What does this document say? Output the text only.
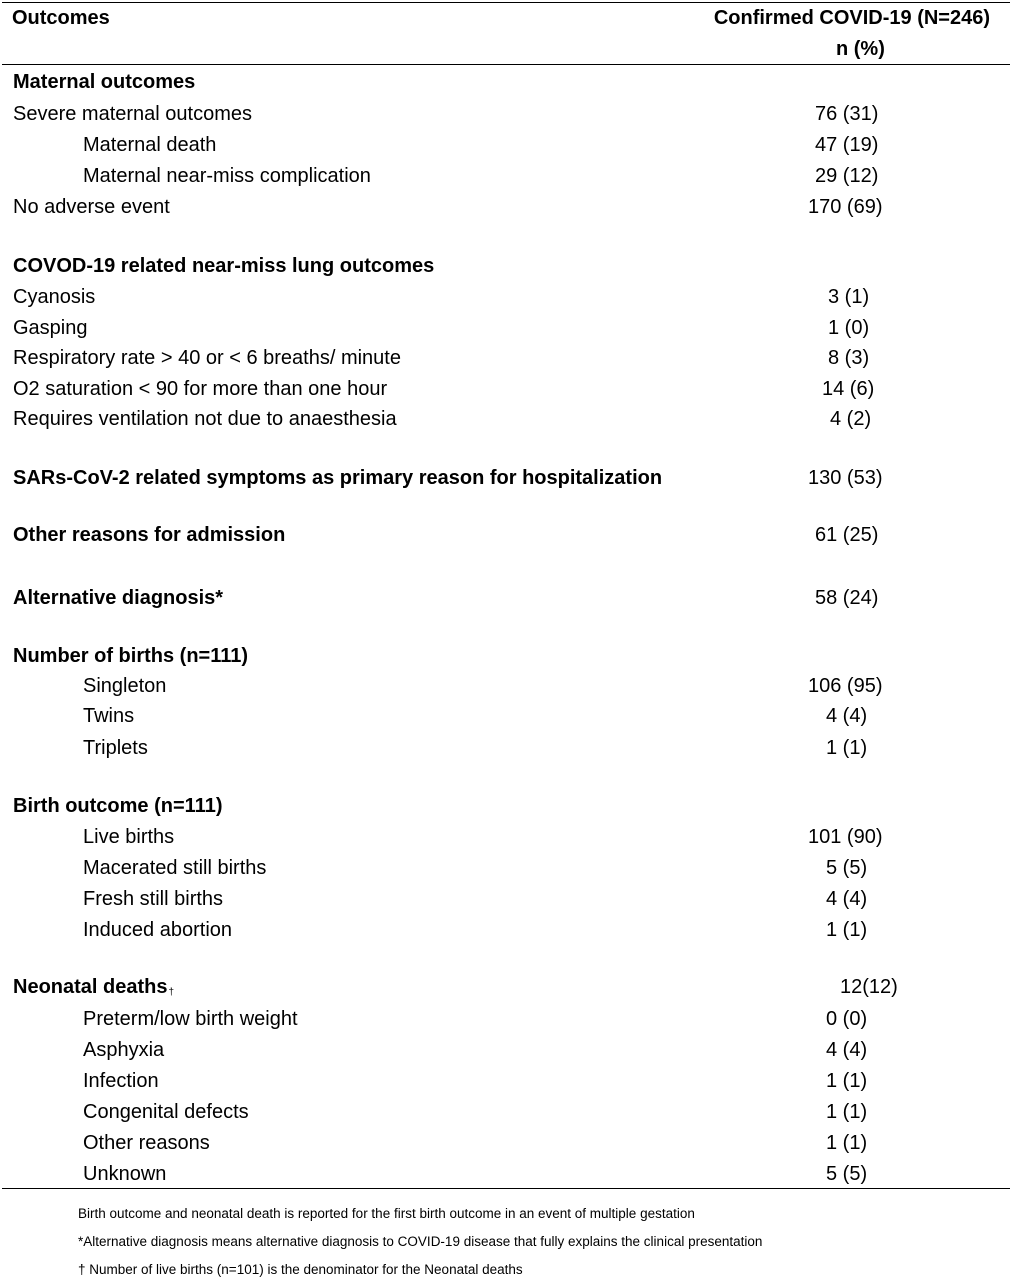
Outcomes	Confirmed COVID-19 (N=246)
n (%)
Maternal outcomes
Severe maternal outcomes	76 (31)
Maternal death	47 (19)
Maternal near-miss complication	29 (12)
No adverse event	170 (69)
COVOD-19 related near-miss lung outcomes
Cyanosis	3 (1)
Gasping	1 (0)
Respiratory rate > 40 or < 6 breaths/ minute	8 (3)
O2 saturation < 90 for more than one hour	14 (6)
Requires ventilation not due to anaesthesia	4 (2)
SARs-CoV-2 related symptoms as primary reason for hospitalization	130 (53)
Other reasons for admission	61 (25)
Alternative diagnosis*	58 (24)
Number of births (n=111)
Singleton	106 (95)
Twins	4 (4)
Triplets	1 (1)
Birth outcome (n=111)
Live births	101 (90)
Macerated still births	5 (5)
Fresh still births	4 (4)
Induced abortion	1 (1)
Neonatal deaths†	12(12)
Preterm/low birth weight	0 (0)
Asphyxia	4 (4)
Infection	1 (1)
Congenital defects	1 (1)
Other reasons	1 (1)
Unknown	5 (5)
Birth outcome and neonatal death is reported for the first birth outcome in an event of multiple gestation
*Alternative diagnosis means alternative diagnosis to COVID-19 disease that fully explains the clinical presentation
† Number of live births (n=101) is the denominator for the Neonatal deaths
